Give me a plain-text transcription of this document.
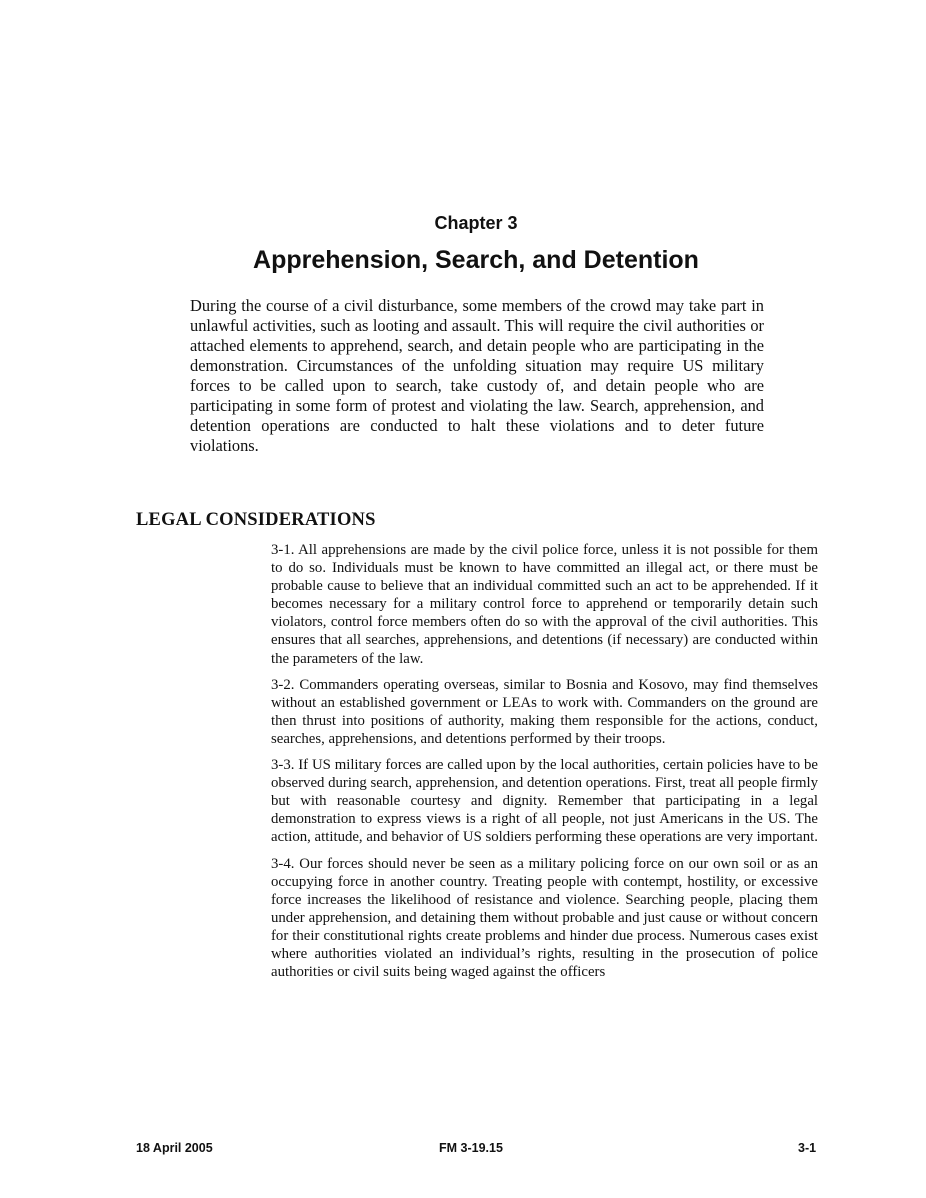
Chapter 3
Apprehension, Search, and Detention

During the course of a civil disturbance, some members of the crowd may take part in unlawful activities, such as looting and assault. This will require the civil authorities or attached elements to apprehend, search, and detain people who are participating in the demonstration. Circumstances of the unfolding situation may require US military forces to be called upon to search, take custody of, and detain people who are participating in some form of protest and violating the law. Search, apprehension, and detention operations are conducted to halt these violations and to deter future violations.

LEGAL CONSIDERATIONS

3-1. All apprehensions are made by the civil police force, unless it is not possible for them to do so. Individuals must be known to have committed an illegal act, or there must be probable cause to believe that an individual committed such an act to be apprehended. If it becomes necessary for a military control force to apprehend or temporarily detain such violators, control force members often do so with the approval of the civil authorities. This ensures that all searches, apprehensions, and detentions (if necessary) are conducted within the parameters of the law.

3-2. Commanders operating overseas, similar to Bosnia and Kosovo, may find themselves without an established government or LEAs to work with. Commanders on the ground are then thrust into positions of authority, making them responsible for the actions, conduct, searches, apprehensions, and detentions performed by their troops.

3-3. If US military forces are called upon by the local authorities, certain policies have to be observed during search, apprehension, and detention operations. First, treat all people firmly but with reasonable courtesy and dignity. Remember that participating in a legal demonstration to express views is a right of all people, not just Americans in the US. The action, attitude, and behavior of US soldiers performing these operations are very important.

3-4. Our forces should never be seen as a military policing force on our own soil or as an occupying force in another country. Treating people with contempt, hostility, or excessive force increases the likelihood of resistance and violence. Searching people, placing them under apprehension, and detaining them without probable and just cause or without concern for their constitutional rights create problems and hinder due process. Numerous cases exist where authorities violated an individual’s rights, resulting in the prosecution of police authorities or civil suits being waged against the officers

18 April 2005	FM 3-19.15	3-1
